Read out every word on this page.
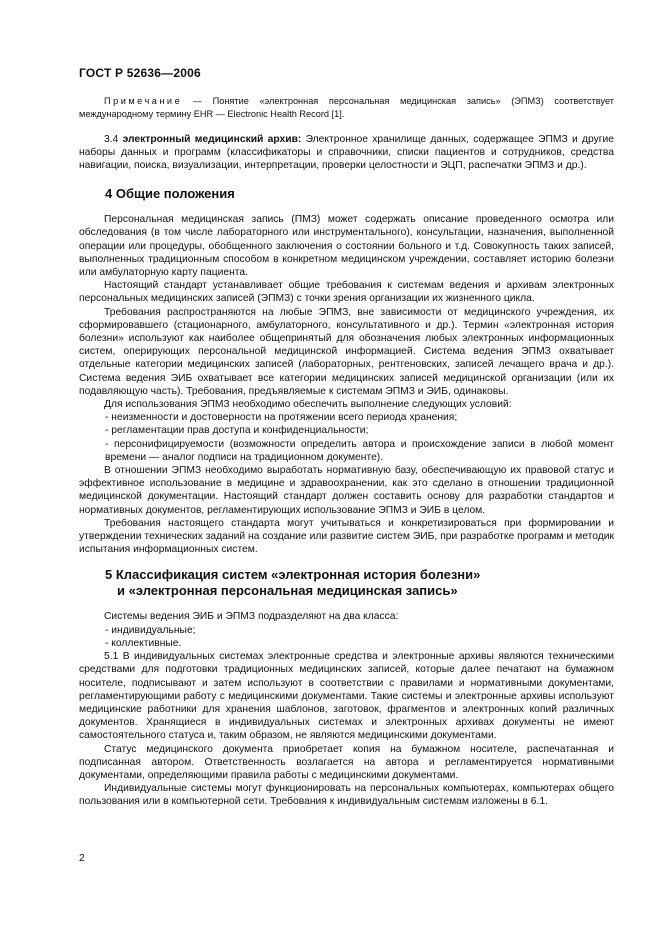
ГОСТ Р 52636—2006

Примечание — Понятие «электронная персональная медицинская запись» (ЭПМЗ) соответствует международному термину EHR — Electronic Health Record [1].

3.4 электронный медицинский архив: Электронное хранилище данных, содержащее ЭПМЗ и другие наборы данных и программ (классификаторы и справочники, списки пациентов и сотрудников, средства навигации, поиска, визуализации, интерпретации, проверки целостности и ЭЦП, распечатки ЭПМЗ и др.).

4 Общие положения

Персональная медицинская запись (ПМЗ) может содержать описание проведенного осмотра или обследования (в том числе лабораторного или инструментального), консультации, назначения, выполненной операции или процедуры, обобщенного заключения о состоянии больного и т.д. Совокупность таких записей, выполненных традиционным способом в конкретном медицинском учреждении, составляет историю болезни или амбулаторную карту пациента.

Настоящий стандарт устанавливает общие требования к системам ведения и архивам электронных персональных медицинских записей (ЭПМЗ) с точки зрения организации их жизненного цикла.

Требования распространяются на любые ЭПМЗ, вне зависимости от медицинского учреждения, их сформировавшего (стационарного, амбулаторного, консультативного и др.). Термин «электронная история болезни» используют как наиболее общепринятый для обозначения любых электронных информационных систем, оперирующих персональной медицинской информацией. Система ведения ЭПМЗ охватывает отдельные категории медицинских записей (лабораторных, рентгеновских, записей лечащего врача и др.). Система ведения ЭИБ охватывает все категории медицинских записей медицинской организации (или их подавляющую часть). Требования, предъявляемые к системам ЭПМЗ и ЭИБ, одинаковы.

Для использования ЭПМЗ необходимо обеспечить выполнение следующих условий:

- неизменности и достоверности на протяжении всего периода хранения;

- регламентации прав доступа и конфиденциальности;

- персонифицируемости (возможности определить автора и происхождение записи в любой момент времени — аналог подписи на традиционном документе).

В отношении ЭПМЗ необходимо выработать нормативную базу, обеспечивающую их правовой статус и эффективное использование в медицине и здравоохранении, как это сделано в отношении традиционной медицинской документации. Настоящий стандарт должен составить основу для разработки стандартов и нормативных документов, регламентирующих использование ЭПМЗ и ЭИБ в целом.

Требования настоящего стандарта могут учитываться и конкретизироваться при формировании и утверждении технических заданий на создание или развитие систем ЭИБ, при разработке программ и методик испытания информационных систем.

5 Классификация систем «электронная история болезни»
и «электронная персональная медицинская запись»

Системы ведения ЭИБ и ЭПМЗ подразделяют на два класса:

- индивидуальные;

- коллективные.

5.1 В индивидуальных системах электронные средства и электронные архивы являются техническими средствами для подготовки традиционных медицинских записей, которые далее печатают на бумажном носителе, подписывают и затем используют в соответствии с правилами и нормативными документами, регламентирующими работу с медицинскими документами. Такие системы и электронные архивы используют медицинские работники для хранения шаблонов, заготовок, фрагментов и электронных копий различных документов. Хранящиеся в индивидуальных системах и электронных архивах документы не имеют самостоятельного статуса и, таким образом, не являются медицинскими документами.

Статус медицинского документа приобретает копия на бумажном носителе, распечатанная и подписанная автором. Ответственность возлагается на автора и регламентируется нормативными документами, определяющими правила работы с медицинскими документами.

Индивидуальные системы могут функционировать на персональных компьютерах, компьютерах общего пользования или в компьютерной сети. Требования к индивидуальным системам изложены в 6.1.

2
